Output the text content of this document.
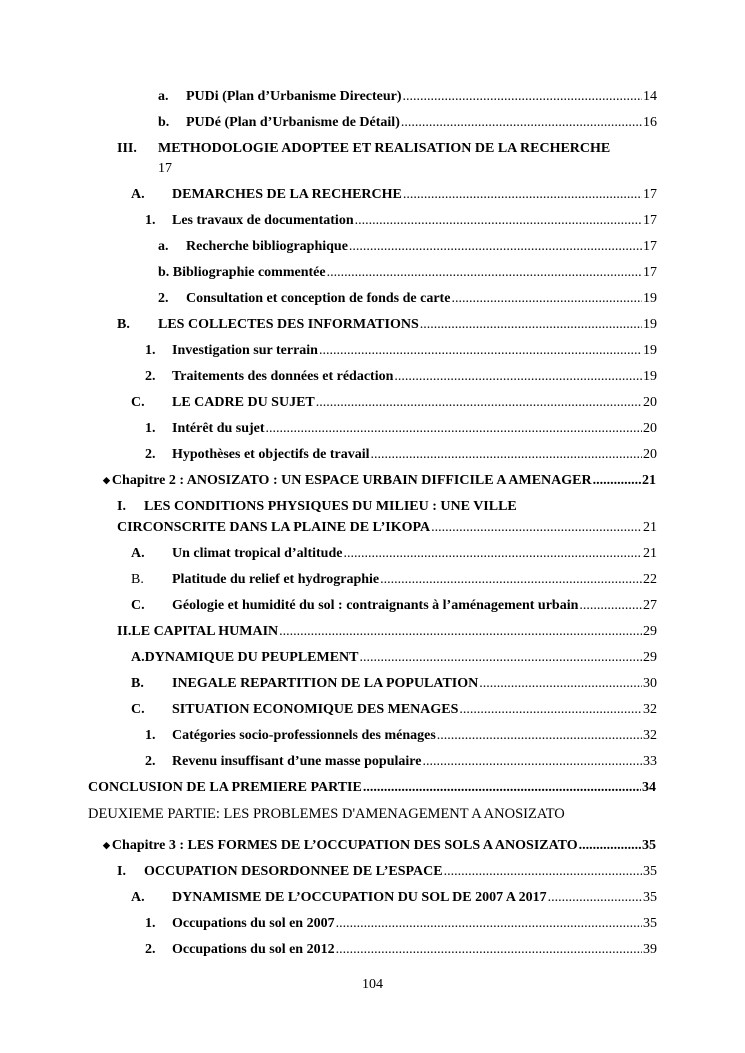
a.	PUDi (Plan d’Urbanisme Directeur) .....	14
b.	PUDé (Plan d’Urbanisme de Détail) .....	16
III. METHODOLOGIE ADOPTEE ET REALISATION DE LA RECHERCHE
17
A.	DEMARCHES DE LA RECHERCHE .....	17
1.	Les travaux de documentation .....	17
a.	Recherche bibliographique .....	17
b. Bibliographie commentée .....	17
2.	Consultation et conception de fonds de carte .....	19
B.	LES COLLECTES DES INFORMATIONS .....	19
1.	Investigation sur terrain .....	19
2.	Traitements des données et rédaction .....	19
C.	LE CADRE DU SUJET .....	20
1.	Intérêt du sujet .....	20
2.	Hypothèses et objectifs de travail .....	20
◆ Chapitre 2 : ANOSIZATO : UN ESPACE URBAIN DIFFICILE A AMENAGER .....	21
I. LES CONDITIONS PHYSIQUES DU MILIEU : UNE VILLE
CIRCONSCRITE DANS LA PLAINE DE L’IKOPA .....	21
A.	Un climat tropical d’altitude .....	21
B.	Platitude du relief et hydrographie .....	22
C.	Géologie et humidité du sol : contraignants à l’aménagement urbain .....	27
II.LE CAPITAL HUMAIN .....	29
A.DYNAMIQUE DU PEUPLEMENT .....	29
B.	INEGALE REPARTITION DE LA POPULATION .....	30
C.	SITUATION ECONOMIQUE DES MENAGES .....	32
1.	Catégories socio-professionnels des ménages .....	32
2.	Revenu insuffisant d’une masse populaire .....	33
CONCLUSION DE LA PREMIERE PARTIE .....	34
DEUXIEME PARTIE: LES PROBLEMES D'AMENAGEMENT A ANOSIZATO
◆ Chapitre 3 : LES FORMES DE L’OCCUPATION DES SOLS A ANOSIZATO .....	35
I.	OCCUPATION DESORDONNEE DE L’ESPACE .....	35
A.	DYNAMISME DE L’OCCUPATION DU SOL DE 2007 A 2017 .....	35
1.	Occupations du sol en 2007 .....	35
2.	Occupations du sol en 2012 .....	39
104
